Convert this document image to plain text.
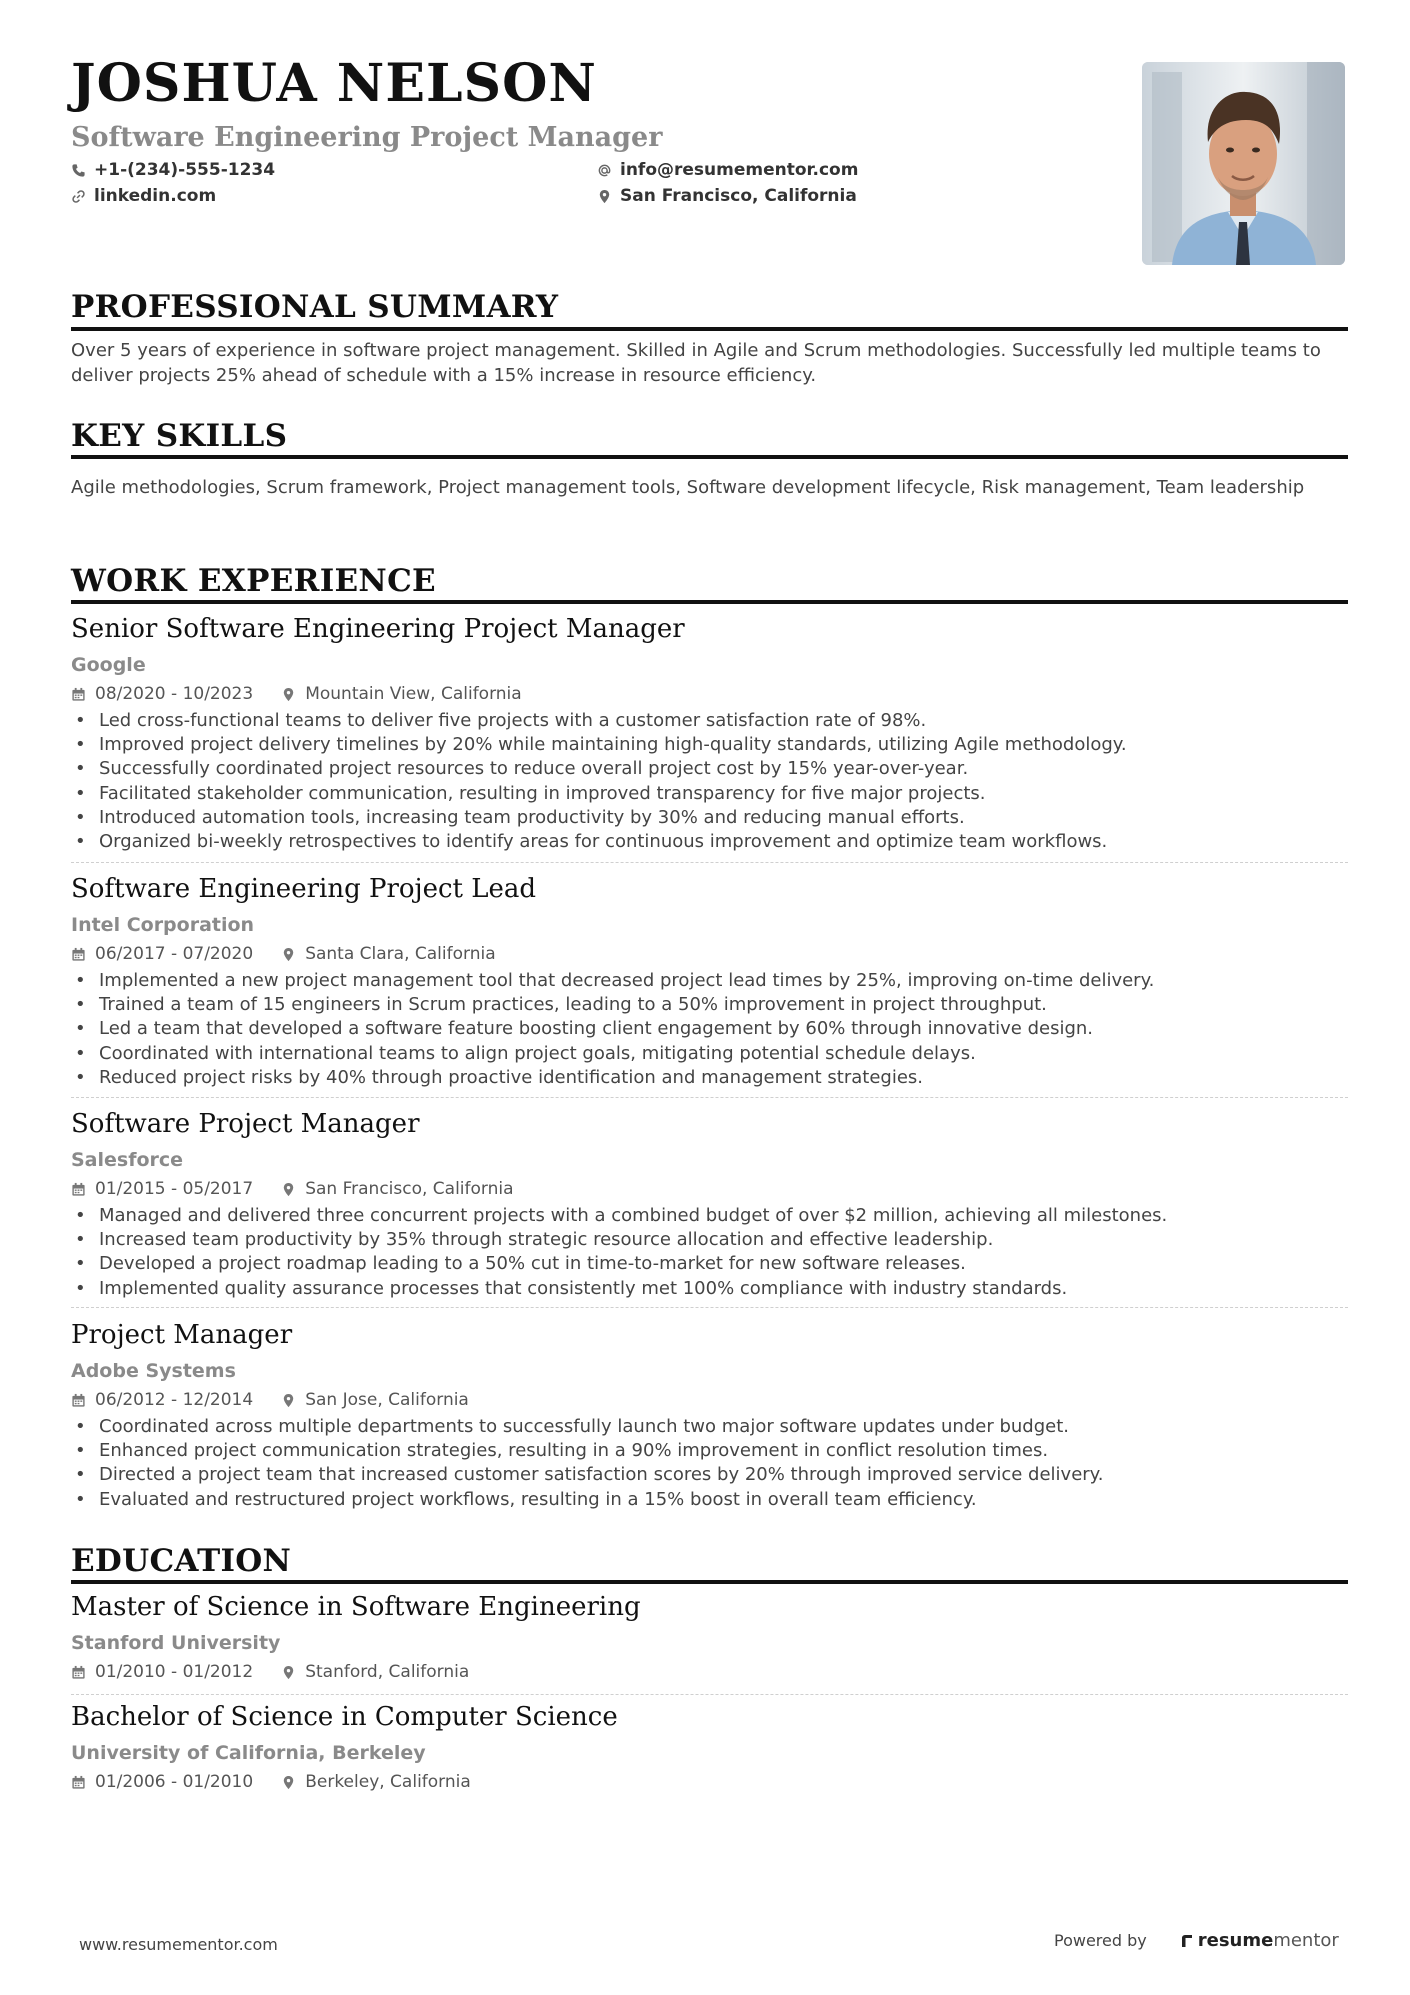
JOSHUA NELSON
Software Engineering Project Manager
+1-(234)-555-1234	info@resumementor.com
linkedin.com	San Francisco, California
PROFESSIONAL SUMMARY
Over 5 years of experience in software project management. Skilled in Agile and Scrum methodologies. Successfully led multiple teams to deliver projects 25% ahead of schedule with a 15% increase in resource efficiency.
KEY SKILLS
Agile methodologies, Scrum framework, Project management tools, Software development lifecycle, Risk management, Team leadership
WORK EXPERIENCE
Senior Software Engineering Project Manager
Google
08/2020 - 10/2023	Mountain View, California
• Led cross-functional teams to deliver five projects with a customer satisfaction rate of 98%.
• Improved project delivery timelines by 20% while maintaining high-quality standards, utilizing Agile methodology.
• Successfully coordinated project resources to reduce overall project cost by 15% year-over-year.
• Facilitated stakeholder communication, resulting in improved transparency for five major projects.
• Introduced automation tools, increasing team productivity by 30% and reducing manual efforts.
• Organized bi-weekly retrospectives to identify areas for continuous improvement and optimize team workflows.
Software Engineering Project Lead
Intel Corporation
06/2017 - 07/2020	Santa Clara, California
• Implemented a new project management tool that decreased project lead times by 25%, improving on-time delivery.
• Trained a team of 15 engineers in Scrum practices, leading to a 50% improvement in project throughput.
• Led a team that developed a software feature boosting client engagement by 60% through innovative design.
• Coordinated with international teams to align project goals, mitigating potential schedule delays.
• Reduced project risks by 40% through proactive identification and management strategies.
Software Project Manager
Salesforce
01/2015 - 05/2017	San Francisco, California
• Managed and delivered three concurrent projects with a combined budget of over $2 million, achieving all milestones.
• Increased team productivity by 35% through strategic resource allocation and effective leadership.
• Developed a project roadmap leading to a 50% cut in time-to-market for new software releases.
• Implemented quality assurance processes that consistently met 100% compliance with industry standards.
Project Manager
Adobe Systems
06/2012 - 12/2014	San Jose, California
• Coordinated across multiple departments to successfully launch two major software updates under budget.
• Enhanced project communication strategies, resulting in a 90% improvement in conflict resolution times.
• Directed a project team that increased customer satisfaction scores by 20% through improved service delivery.
• Evaluated and restructured project workflows, resulting in a 15% boost in overall team efficiency.
EDUCATION
Master of Science in Software Engineering
Stanford University
01/2010 - 01/2012	Stanford, California
Bachelor of Science in Computer Science
University of California, Berkeley
01/2006 - 01/2010	Berkeley, California
www.resumementor.com	Powered by	resume mentor
